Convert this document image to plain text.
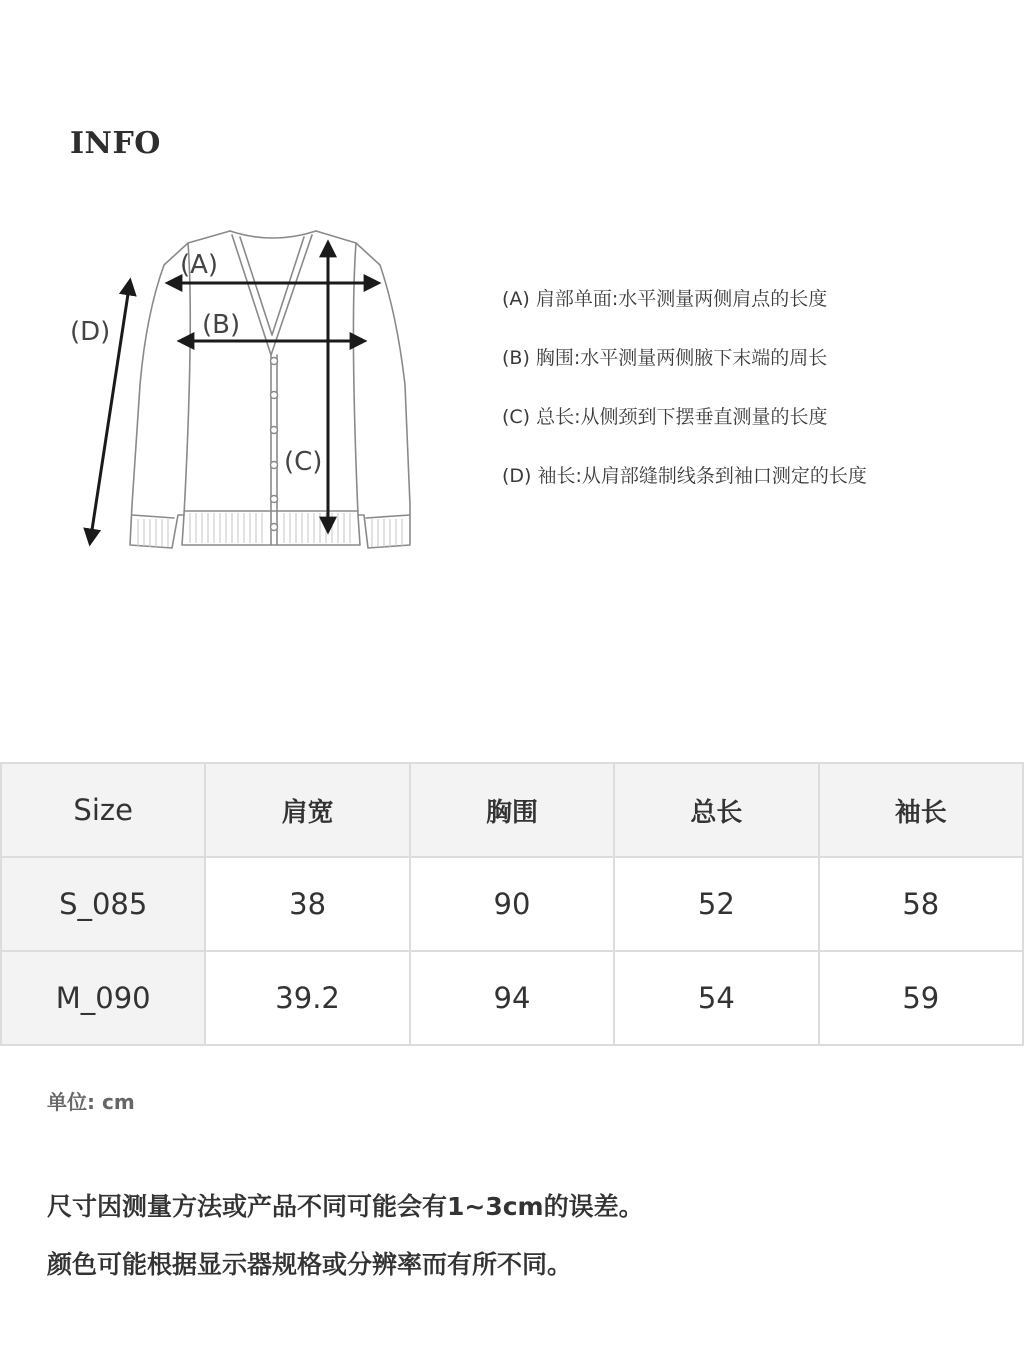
INFO
(A)
(B)
(C)
(D)
(A) 肩部单面:水平测量两侧肩点的长度
(B) 胸围:水平测量两侧腋下末端的周长
(C) 总长:从侧颈到下摆垂直测量的长度
(D) 袖长:从肩部缝制线条到袖口测定的长度
Size	肩宽	胸围	总长	袖长
S_085	38	90	52	58
M_090	39.2	94	54	59
单位: cm
尺寸因测量方法或产品不同可能会有1~3cm的误差。
颜色可能根据显示器规格或分辨率而有所不同。
